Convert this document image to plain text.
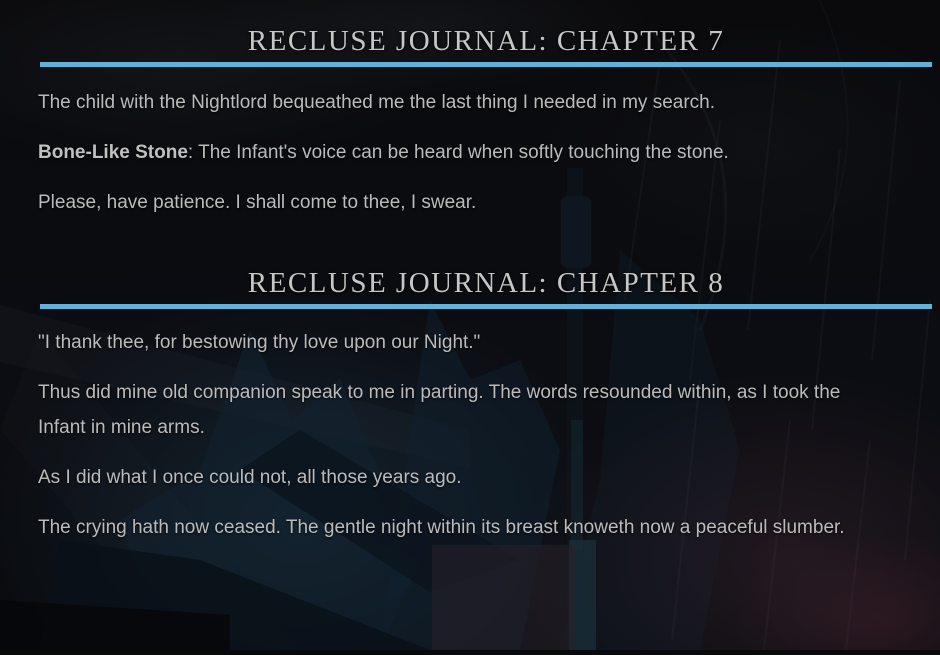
RECLUSE JOURNAL: CHAPTER 7

The child with the Nightlord bequeathed me the last thing I needed in my search.

Bone-Like Stone: The Infant's voice can be heard when softly touching the stone.

Please, have patience. I shall come to thee, I swear.

RECLUSE JOURNAL: CHAPTER 8

"I thank thee, for bestowing thy love upon our Night."

Thus did mine old companion speak to me in parting. The words resounded within, as I took the Infant in mine arms.

As I did what I once could not, all those years ago.

The crying hath now ceased. The gentle night within its breast knoweth now a peaceful slumber.
